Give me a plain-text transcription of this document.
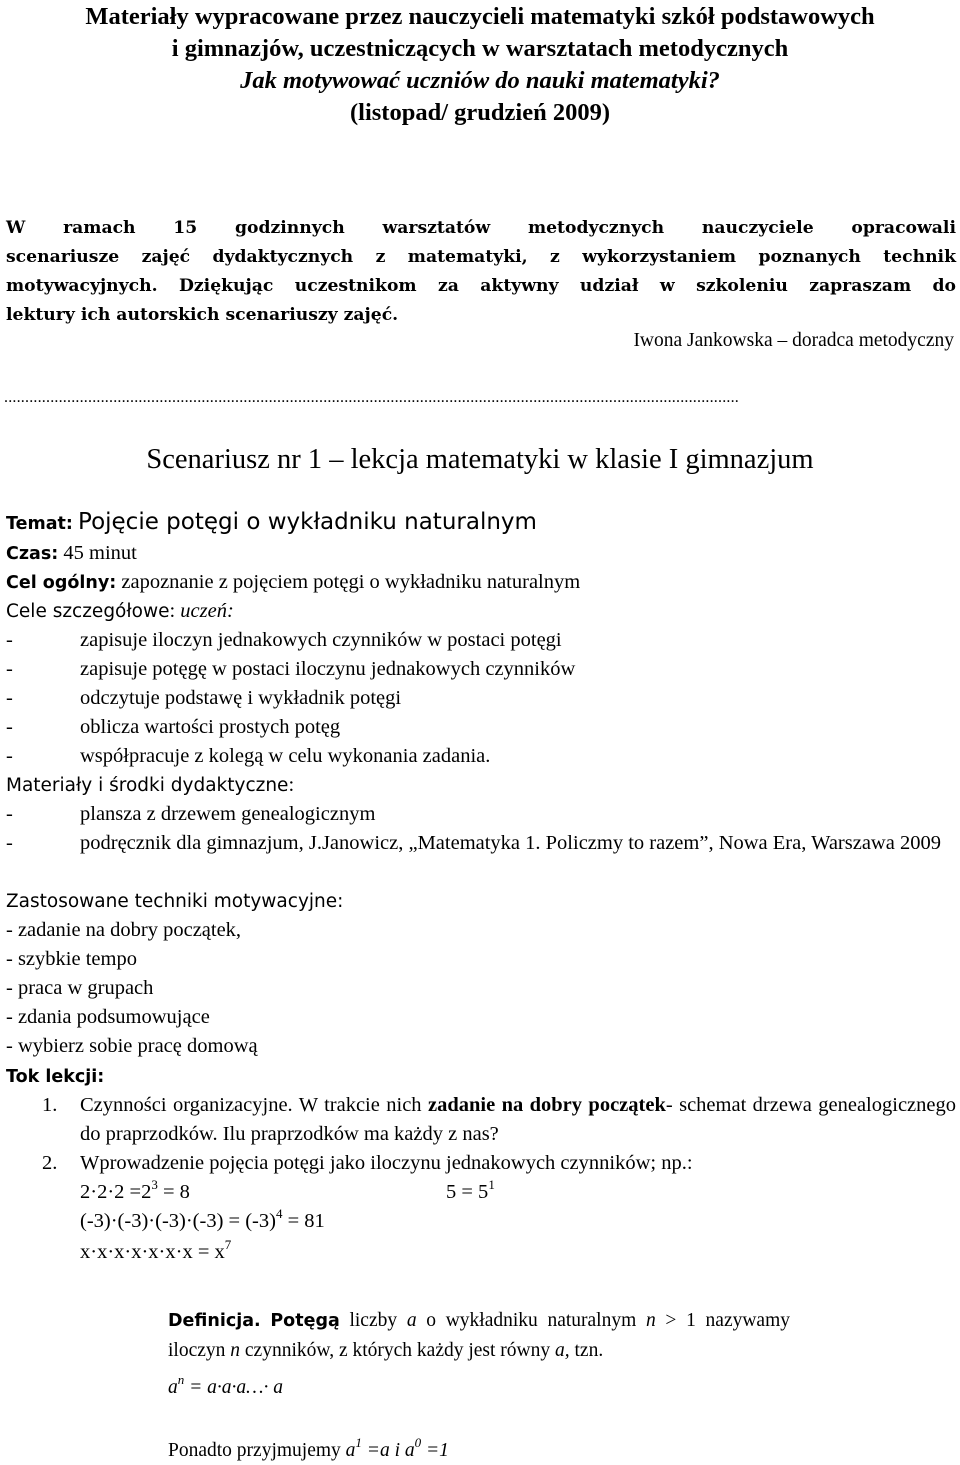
Materiały wypracowane przez nauczycieli matematyki szkół podstawowych
i gimnazjów, uczestniczących w warsztatach metodycznych
Jak motywować uczniów do nauki matematyki?
(listopad/ grudzień 2009)
W ramach 15 godzinnych warsztatów metodycznych nauczyciele opracowali
scenariusze zajęć dydaktycznych z matematyki, z wykorzystaniem poznanych technik
motywacyjnych. Dziękując uczestnikom za aktywny udział w szkoleniu zapraszam do
lektury ich autorskich scenariuszy zajęć.
Iwona Jankowska – doradca metodyczny
...............................................................................................................................................................................
Scenariusz nr 1 – lekcja matematyki w klasie I gimnazjum
Temat: Pojęcie potęgi o wykładniku naturalnym
Czas: 45 minut
Cel ogólny: zapoznanie z pojęciem potęgi o wykładniku naturalnym
Cele szczegółowe: uczeń:
-	zapisuje iloczyn jednakowych czynników w postaci potęgi
-	zapisuje potęgę w postaci iloczynu jednakowych czynników
-	odczytuje podstawę i wykładnik potęgi
-	oblicza wartości prostych potęg
-	współpracuje z kolegą w celu wykonania zadania.
Materiały i środki dydaktyczne:
-	plansza z drzewem genealogicznym
-	podręcznik dla gimnazjum, J.Janowicz, „Matematyka 1. Policzmy to razem”, Nowa Era, Warszawa 2009
Zastosowane techniki motywacyjne:
- zadanie na dobry początek,
- szybkie tempo
- praca w grupach
- zdania podsumowujące
- wybierz sobie pracę domową
Tok lekcji:
1. Czynności organizacyjne. W trakcie nich zadanie na dobry początek- schemat drzewa genealogicznego do praprzodków. Ilu praprzodków ma każdy z nas?
2. Wprowadzenie pojęcia potęgi jako iloczynu jednakowych czynników; np.:
$2\cdot 2\cdot 2 =2^3 = 8$	$5 = 5^1$
$(-3)\cdot(-3)\cdot(-3)\cdot(-3) = (-3)^4 = 81$
$x\cdot x\cdot x\cdot x\cdot x\cdot x\cdot x = x^7$
Definicja. Potęgą liczby a o wykładniku naturalnym n > 1 nazywamy iloczyn n czynników, z których każdy jest równy a, tzn.
$a^n$ = a·a·a…· a
Ponadto przyjmujemy $a^1 =a$ i $a^0 =1$
